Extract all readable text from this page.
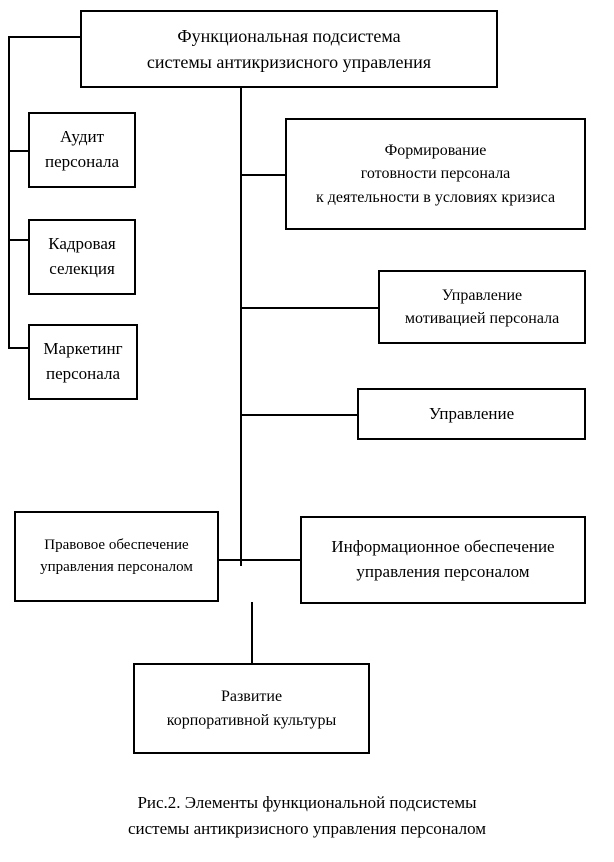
Функциональная подсистема
системы антикризисного управления
Аудит
персонала
Кадровая
селекция
Маркетинг
персонала
Формирование
готовности персонала
к деятельности в условиях кризиса
Управление
мотивацией персонала
Управление
Правовое обеспечение
управления персоналом
Информационное обеспечение
управления персоналом
Развитие
корпоративной культуры
Рис.2. Элементы функциональной подсистемы
системы антикризисного управления персоналом
